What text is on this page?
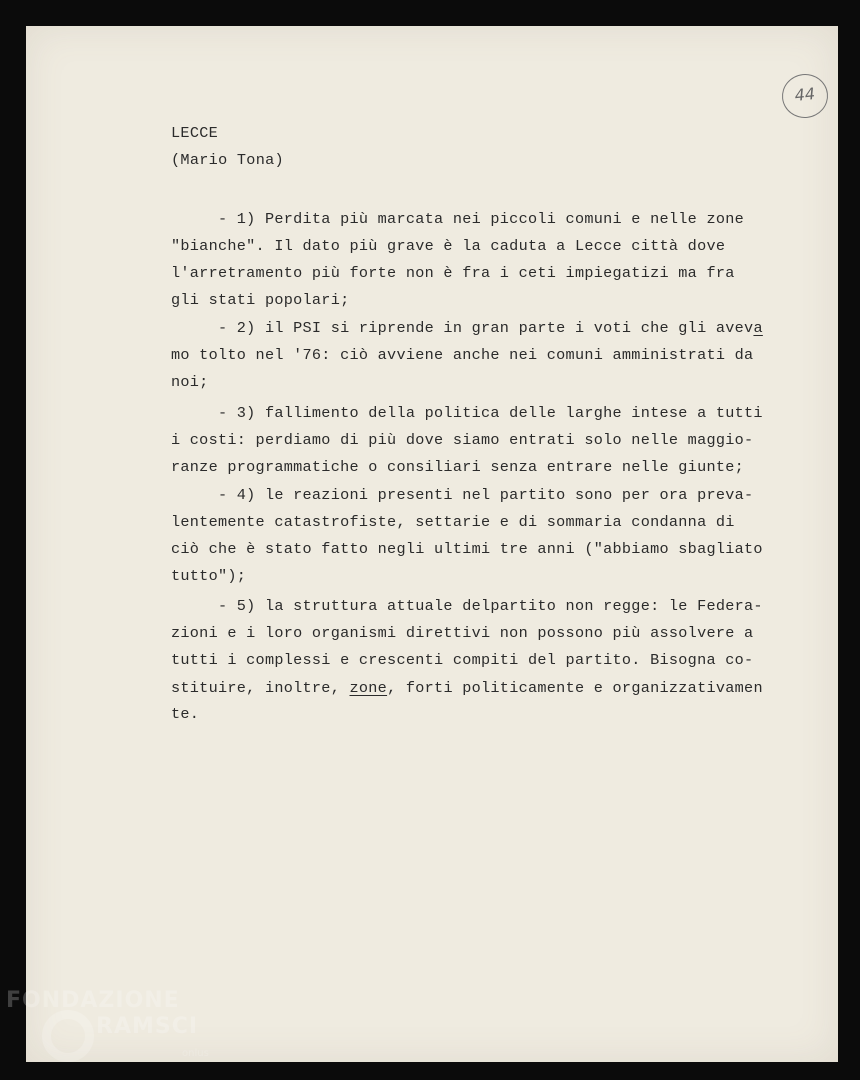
44
LECCE
(Mario Tona)
- 1) Perdita più marcata nei piccoli comuni e nelle zone
"bianche". Il dato più grave è la caduta a Lecce città dove
l'arretramento più forte non è fra i ceti impiegatizi ma fra
gli stati popolari;
- 2) il PSI si riprende in gran parte i voti che gli aveva
mo tolto nel '76: ciò avviene anche nei comuni amministrati da
noi;
- 3) fallimento della politica delle larghe intese a tutti
i costi: perdiamo di più dove siamo entrati solo nelle maggio-
ranze programmatiche o consiliari senza entrare nelle giunte;
- 4) le reazioni presenti nel partito sono per ora preva-
lentemente catastrofiste, settarie e di sommaria condanna di
ciò che è stato fatto negli ultimi tre anni ("abbiamo sbagliato
tutto");
- 5) la struttura attuale delpartito non regge: le Federa-
zioni e i loro organismi direttivi non possono più assolvere a
tutti i complessi e crescenti compiti del partito. Bisogna co-
stituire, inoltre, zone, forti politicamente e organizzativamen
te.
FONDAZIONE
RAMSCI
